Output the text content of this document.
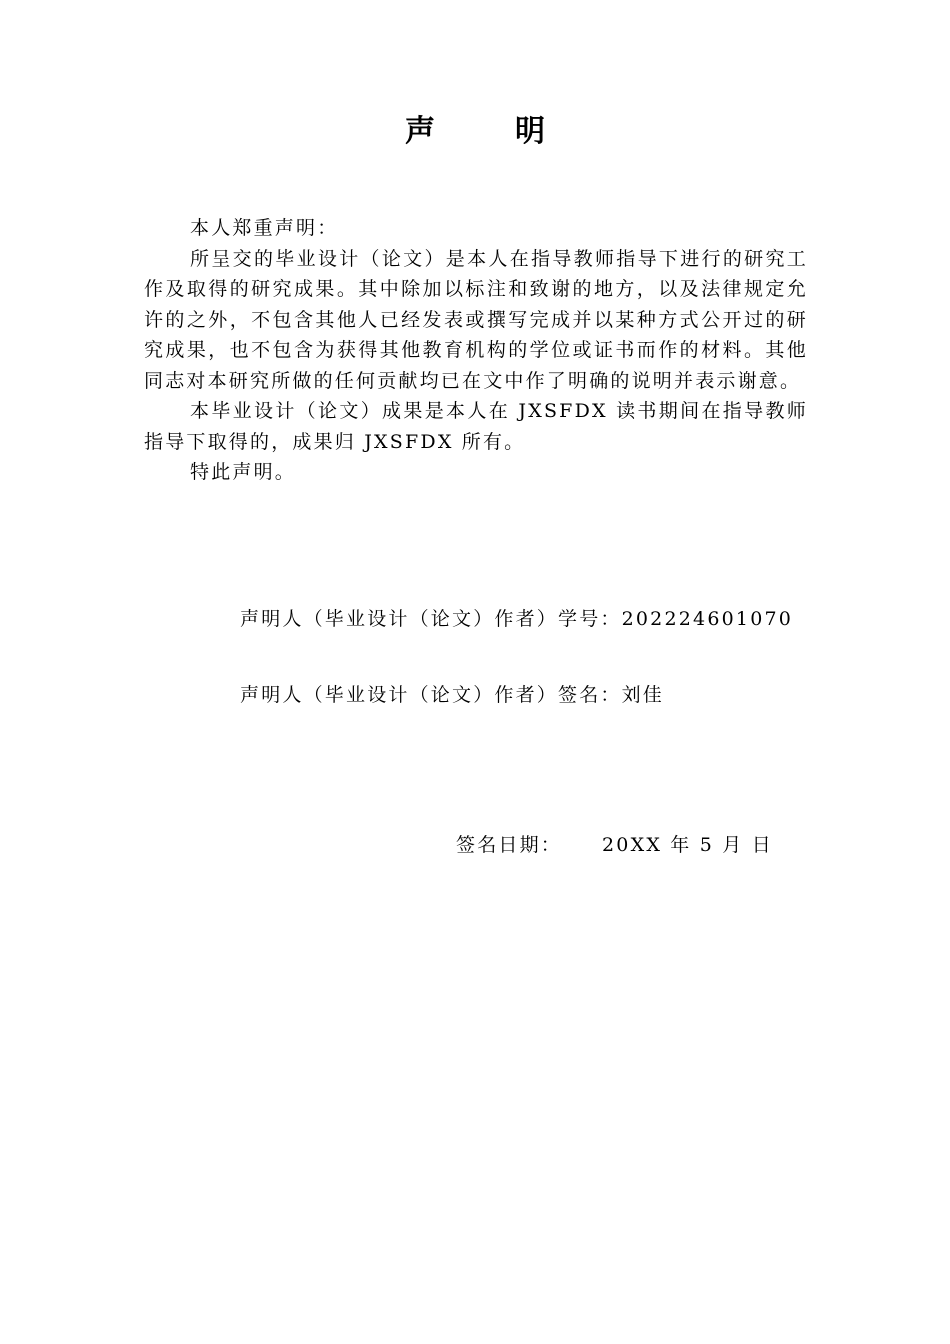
声明

本人郑重声明：

所呈交的毕业设计（论文）是本人在指导教师指导下进行的研究工作及取得的研究成果。其中除加以标注和致谢的地方，以及法律规定允许的之外，不包含其他人已经发表或撰写完成并以某种方式公开过的研究成果，也不包含为获得其他教育机构的学位或证书而作的材料。其他同志对本研究所做的任何贡献均已在文中作了明确的说明并表示谢意。

本毕业设计（论文）成果是本人在 JXSFDX 读书期间在指导教师指导下取得的，成果归 JXSFDX 所有。

特此声明。

声明人（毕业设计（论文）作者）学号：202224601070
声明人（毕业设计（论文）作者）签名：刘佳
签名日期： 20XX 年 5 月 日
